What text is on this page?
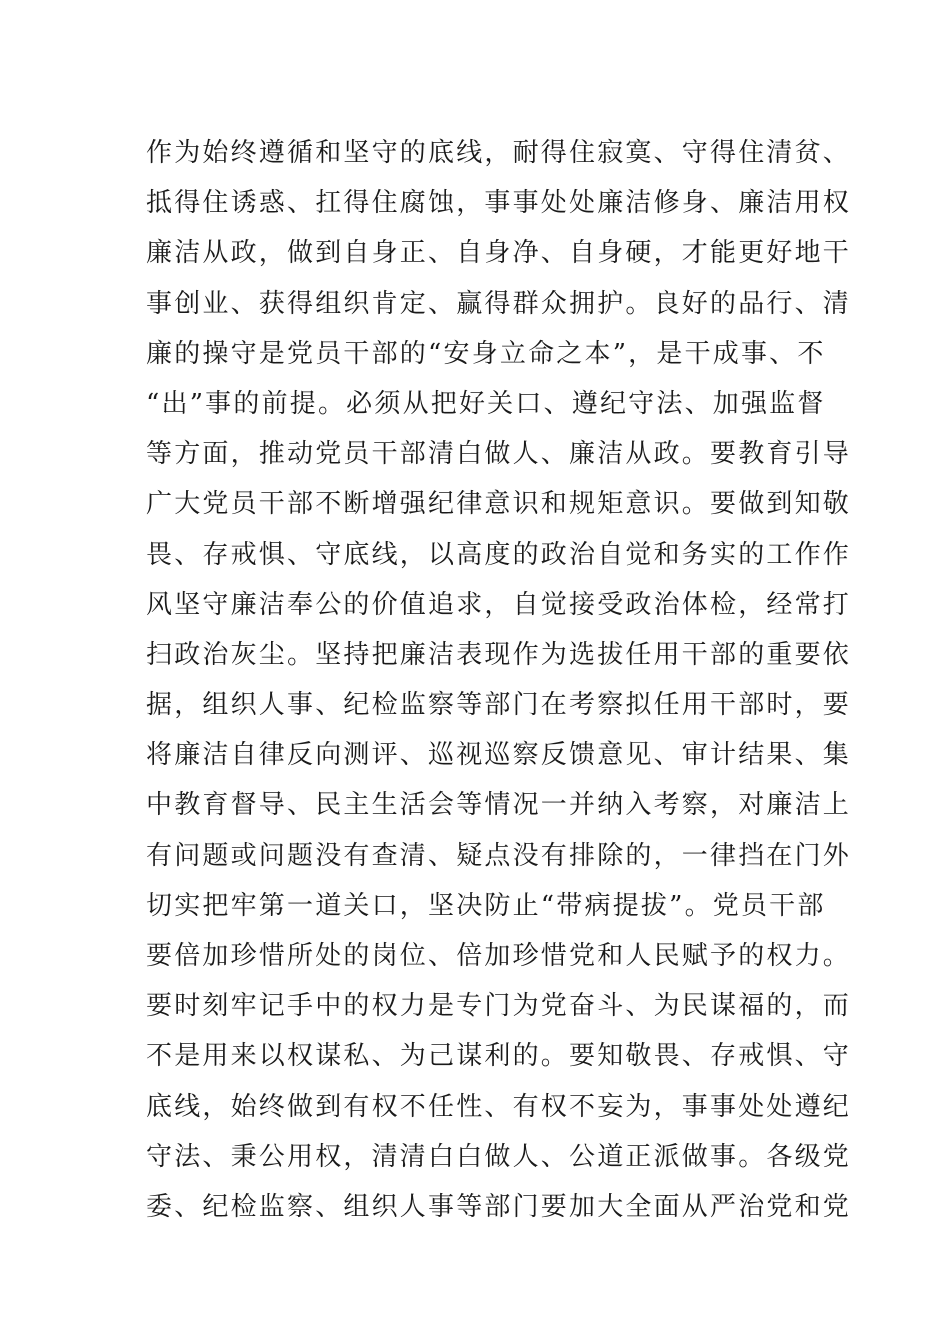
作为始终遵循和坚守的底线，耐得住寂寞、守得住清贫、
抵得住诱惑、扛得住腐蚀，事事处处廉洁修身、廉洁用权
廉洁从政，做到自身正、自身净、自身硬，才能更好地干
事创业、获得组织肯定、赢得群众拥护。良好的品行、清
廉的操守是党员干部的“安身立命之本”，是干成事、不
“出”事的前提。必须从把好关口、遵纪守法、加强监督
等方面，推动党员干部清白做人、廉洁从政。要教育引导
广大党员干部不断增强纪律意识和规矩意识。要做到知敬
畏、存戒惧、守底线，以高度的政治自觉和务实的工作作
风坚守廉洁奉公的价值追求，自觉接受政治体检，经常打
扫政治灰尘。坚持把廉洁表现作为选拔任用干部的重要依
据，组织人事、纪检监察等部门在考察拟任用干部时，要
将廉洁自律反向测评、巡视巡察反馈意见、审计结果、集
中教育督导、民主生活会等情况一并纳入考察，对廉洁上
有问题或问题没有查清、疑点没有排除的，一律挡在门外
切实把牢第一道关口，坚决防止“带病提拔”。党员干部
要倍加珍惜所处的岗位、倍加珍惜党和人民赋予的权力。
要时刻牢记手中的权力是专门为党奋斗、为民谋福的，而
不是用来以权谋私、为己谋利的。要知敬畏、存戒惧、守
底线，始终做到有权不任性、有权不妄为，事事处处遵纪
守法、秉公用权，清清白白做人、公道正派做事。各级党
委、纪检监察、组织人事等部门要加大全面从严治党和党
